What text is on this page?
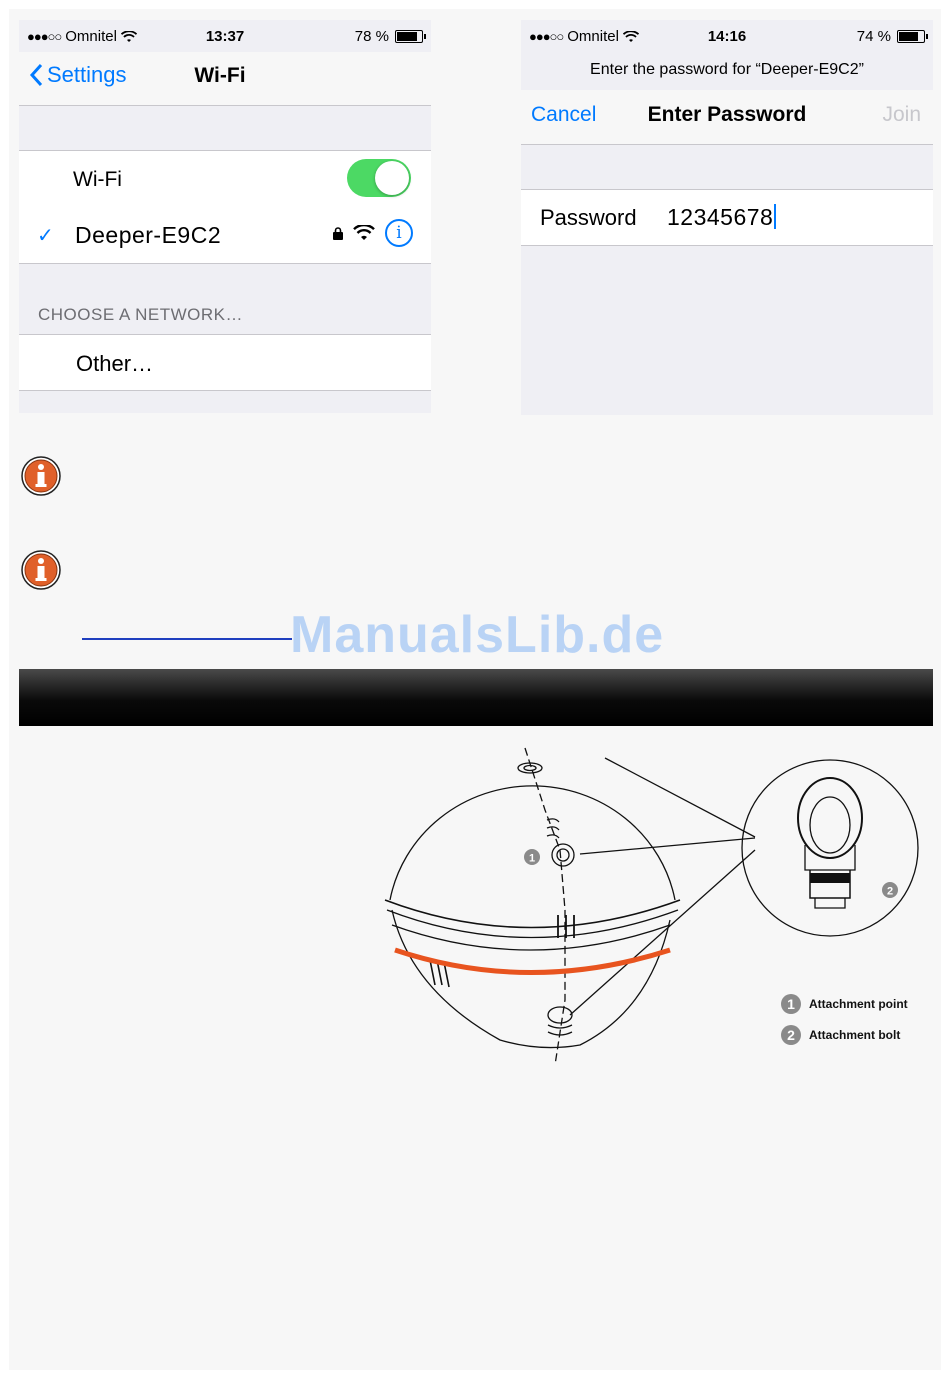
●●●○○ Omnitel	13:37	78 %
Settings	Wi-Fi
Wi-Fi
✓ Deeper-E9C2	i
CHOOSE A NETWORK…
Other…
●●●○○ Omnitel	14:16	74 %
Enter the password for “Deeper-E9C2”
Cancel	Enter Password	Join
Password 12345678
ManualsLib.de
1
2
1	Attachment point
2	Attachment bolt
